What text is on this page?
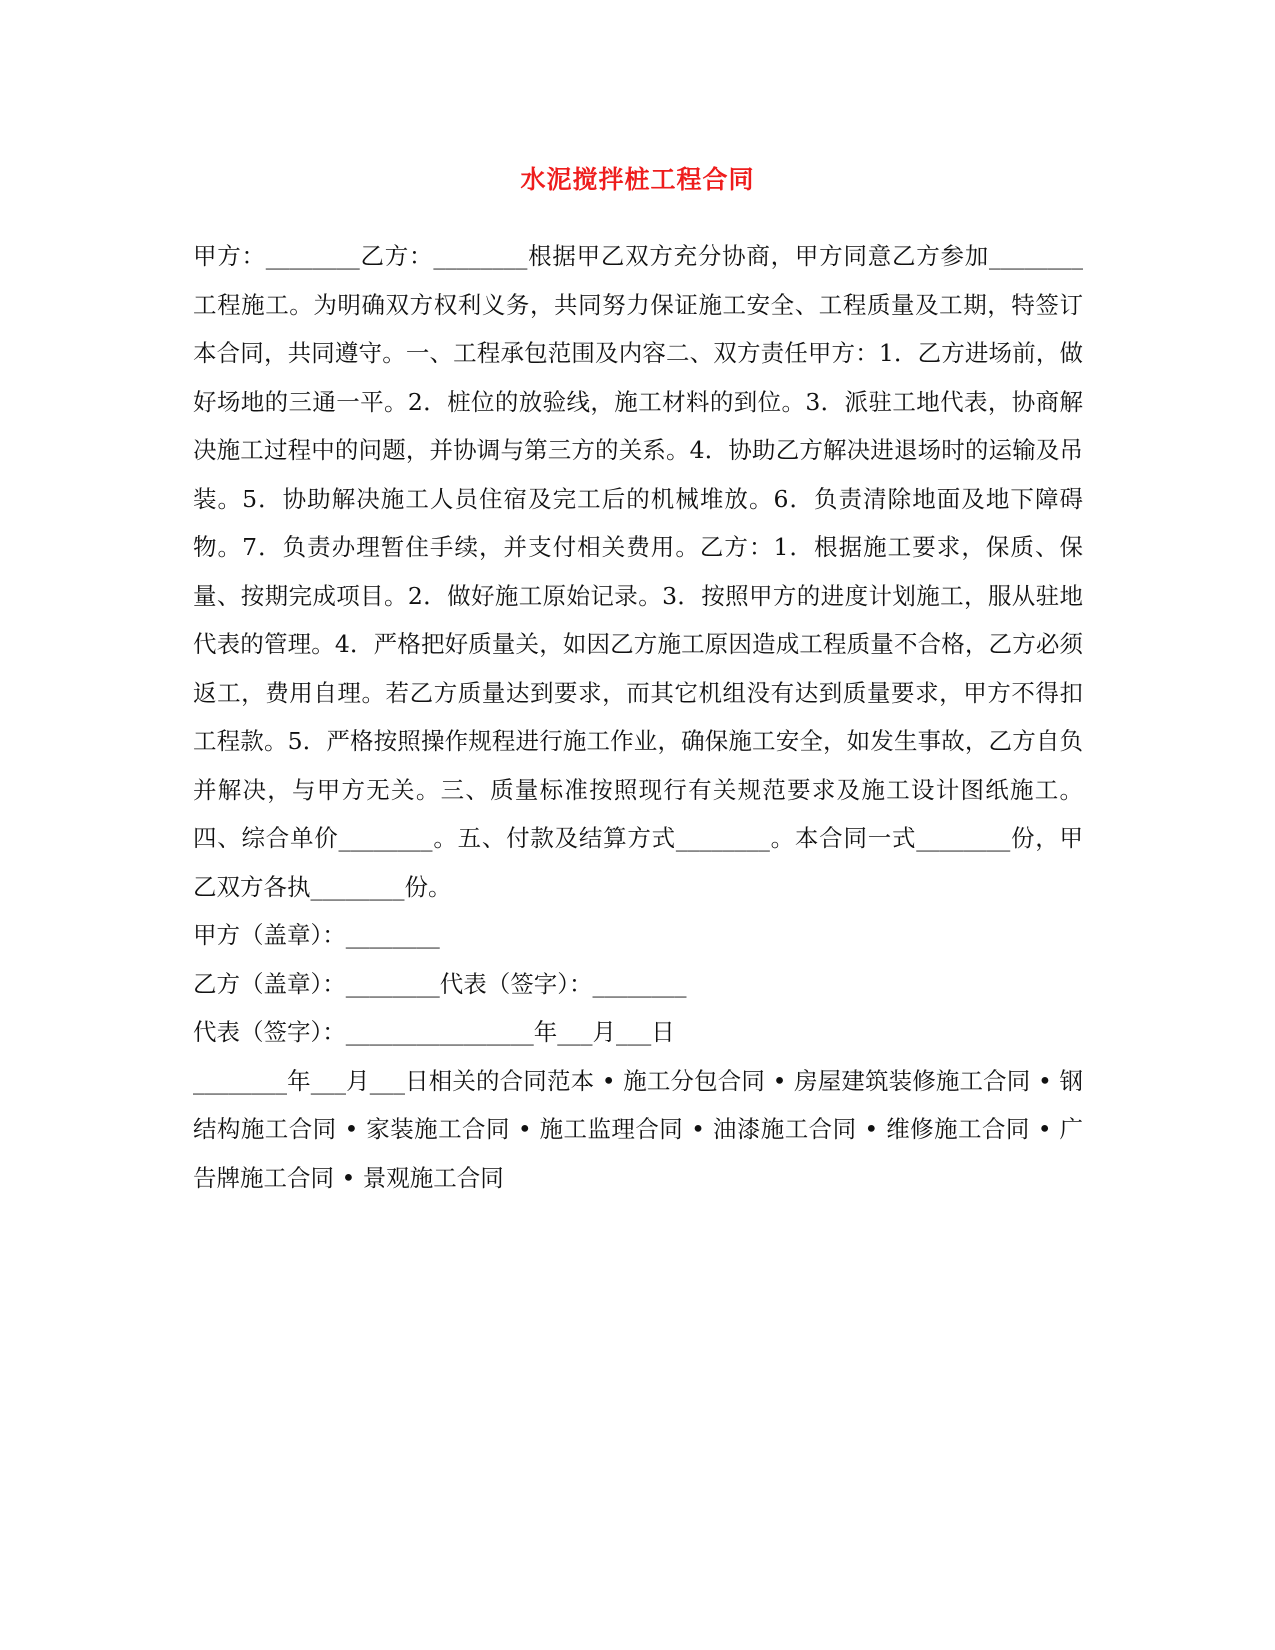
水泥搅拌桩工程合同

甲方：________乙方：________根据甲乙双方充分协商，甲方同意乙方参加________工程施工。为明确双方权利义务，共同努力保证施工安全、工程质量及工期，特签订本合同，共同遵守。一、工程承包范围及内容二、双方责任甲方：1．乙方进场前，做好场地的三通一平。2．桩位的放验线，施工材料的到位。3．派驻工地代表，协商解决施工过程中的问题，并协调与第三方的关系。4．协助乙方解决进退场时的运输及吊装。5．协助解决施工人员住宿及完工后的机械堆放。6．负责清除地面及地下障碍物。7．负责办理暂住手续，并支付相关费用。乙方：1．根据施工要求，保质、保量、按期完成项目。2．做好施工原始记录。3．按照甲方的进度计划施工，服从驻地代表的管理。4．严格把好质量关，如因乙方施工原因造成工程质量不合格，乙方必须返工，费用自理。若乙方质量达到要求，而其它机组没有达到质量要求，甲方不得扣工程款。5．严格按照操作规程进行施工作业，确保施工安全，如发生事故，乙方自负并解决，与甲方无关。三、质量标准按照现行有关规范要求及施工设计图纸施工。四、综合单价________。五、付款及结算方式________。本合同一式________份，甲乙双方各执________份。

甲方（盖章）：________

乙方（盖章）：________代表（签字）：________

代表（签字）：________________年___月___日

________年___月___日相关的合同范本 • 施工分包合同 • 房屋建筑装修施工合同 • 钢结构施工合同 • 家装施工合同 • 施工监理合同 • 油漆施工合同 • 维修施工合同 • 广告牌施工合同 • 景观施工合同
